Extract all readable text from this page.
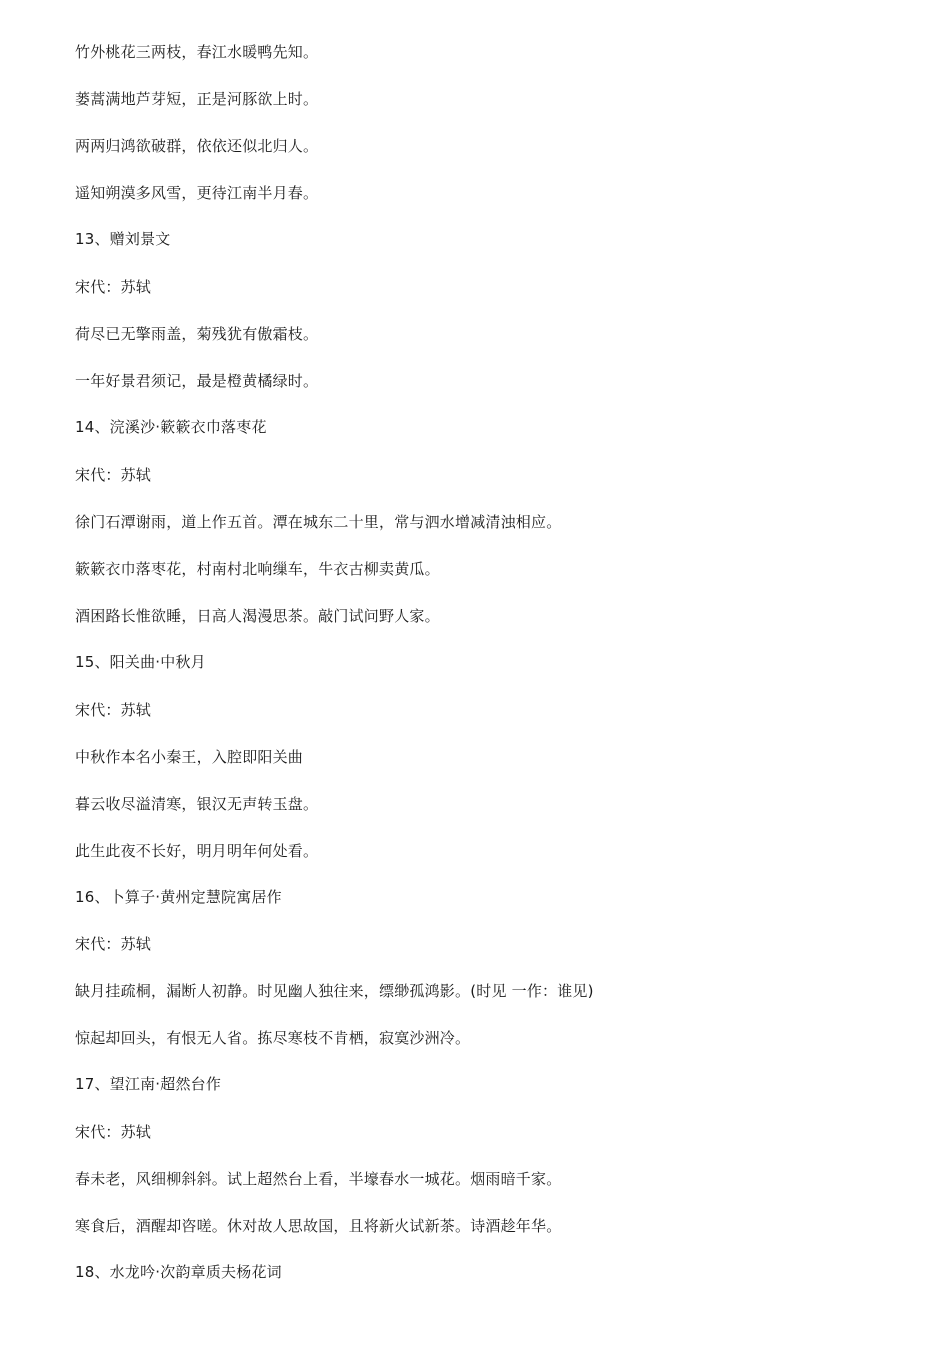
竹外桃花三两枝，春江水暖鸭先知。
蒌蒿满地芦芽短，正是河豚欲上时。
两两归鸿欲破群，依依还似北归人。
遥知朔漠多风雪，更待江南半月春。
13、赠刘景文
宋代：苏轼
荷尽已无擎雨盖，菊残犹有傲霜枝。
一年好景君须记，最是橙黄橘绿时。
14、浣溪沙·簌簌衣巾落枣花
宋代：苏轼
徐门石潭谢雨，道上作五首。潭在城东二十里，常与泗水增减清浊相应。
簌簌衣巾落枣花，村南村北响缫车，牛衣古柳卖黄瓜。
酒困路长惟欲睡，日高人渴漫思茶。敲门试问野人家。
15、阳关曲·中秋月
宋代：苏轼
中秋作本名小秦王，入腔即阳关曲
暮云收尽溢清寒，银汉无声转玉盘。
此生此夜不长好，明月明年何处看。
16、卜算子·黄州定慧院寓居作
宋代：苏轼
缺月挂疏桐，漏断人初静。时见幽人独往来，缥缈孤鸿影。(时见 一作：谁见)
惊起却回头，有恨无人省。拣尽寒枝不肯栖，寂寞沙洲冷。
17、望江南·超然台作
宋代：苏轼
春未老，风细柳斜斜。试上超然台上看，半壕春水一城花。烟雨暗千家。
寒食后，酒醒却咨嗟。休对故人思故国，且将新火试新茶。诗酒趁年华。
18、水龙吟·次韵章质夫杨花词
